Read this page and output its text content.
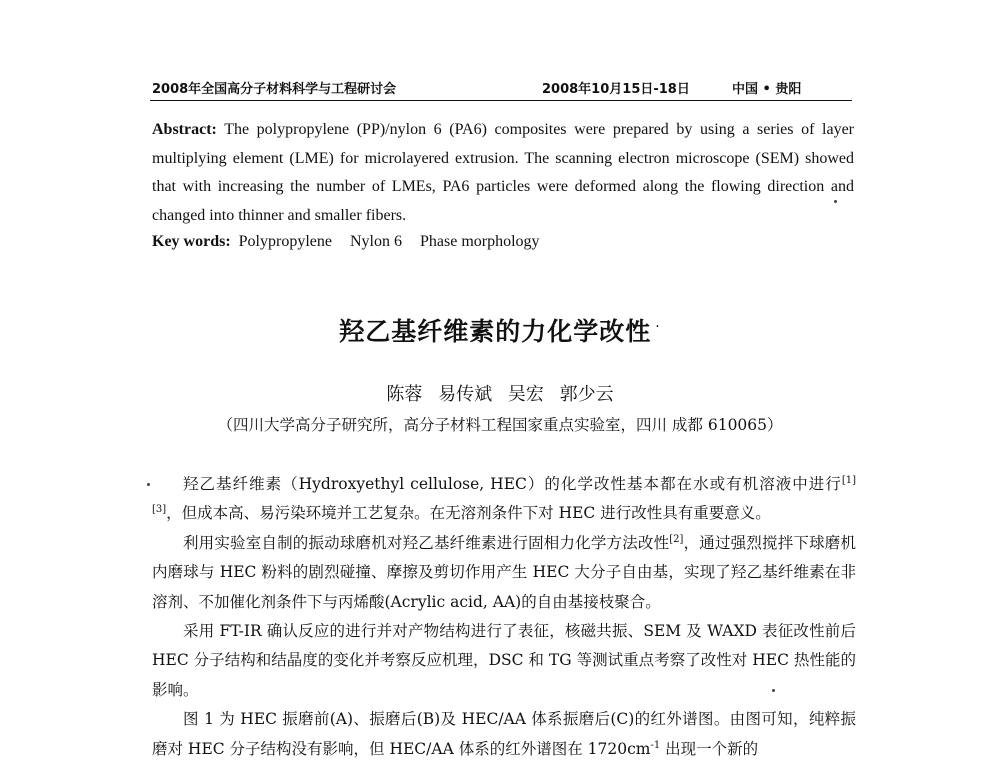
2008年全国高分子材料科学与工程研讨会	2008年10月15日-18日	中国 • 贵阳
Abstract: The polypropylene (PP)/nylon 6 (PA6) composites were prepared by using a series of layer multiplying element (LME) for microlayered extrusion. The scanning electron microscope (SEM) showed that with increasing the number of LMEs, PA6 particles were deformed along the flowing direction and changed into thinner and smaller fibers.
Key words: Polypropylene Nylon 6 Phase morphology
羟乙基纤维素的力化学改性 ·
陈蓉 易传斌 吴宏 郭少云
（四川大学高分子研究所，高分子材料工程国家重点实验室，四川 成都 610065）

羟乙基纤维素（Hydroxyethyl cellulose, HEC）的化学改性基本都在水或有机溶液中进行[1][3]，但成本高、易污染环境并工艺复杂。在无溶剂条件下对 HEC 进行改性具有重要意义。

利用实验室自制的振动球磨机对羟乙基纤维素进行固相力化学方法改性[2]，通过强烈搅拌下球磨机内磨球与 HEC 粉料的剧烈碰撞、摩擦及剪切作用产生 HEC 大分子自由基，实现了羟乙基纤维素在非溶剂、不加催化剂条件下与丙烯酸(Acrylic acid, AA)的自由基接枝聚合。

采用 FT-IR 确认反应的进行并对产物结构进行了表征，核磁共振、SEM 及 WAXD 表征改性前后 HEC 分子结构和结晶度的变化并考察反应机理，DSC 和 TG 等测试重点考察了改性对 HEC 热性能的影响。

图 1 为 HEC 振磨前(A)、振磨后(B)及 HEC/AA 体系振磨后(C)的红外谱图。由图可知，纯粹振磨对 HEC 分子结构没有影响，但 HEC/AA 体系的红外谱图在 $1720cm^{-1}$ 出现一个新的
